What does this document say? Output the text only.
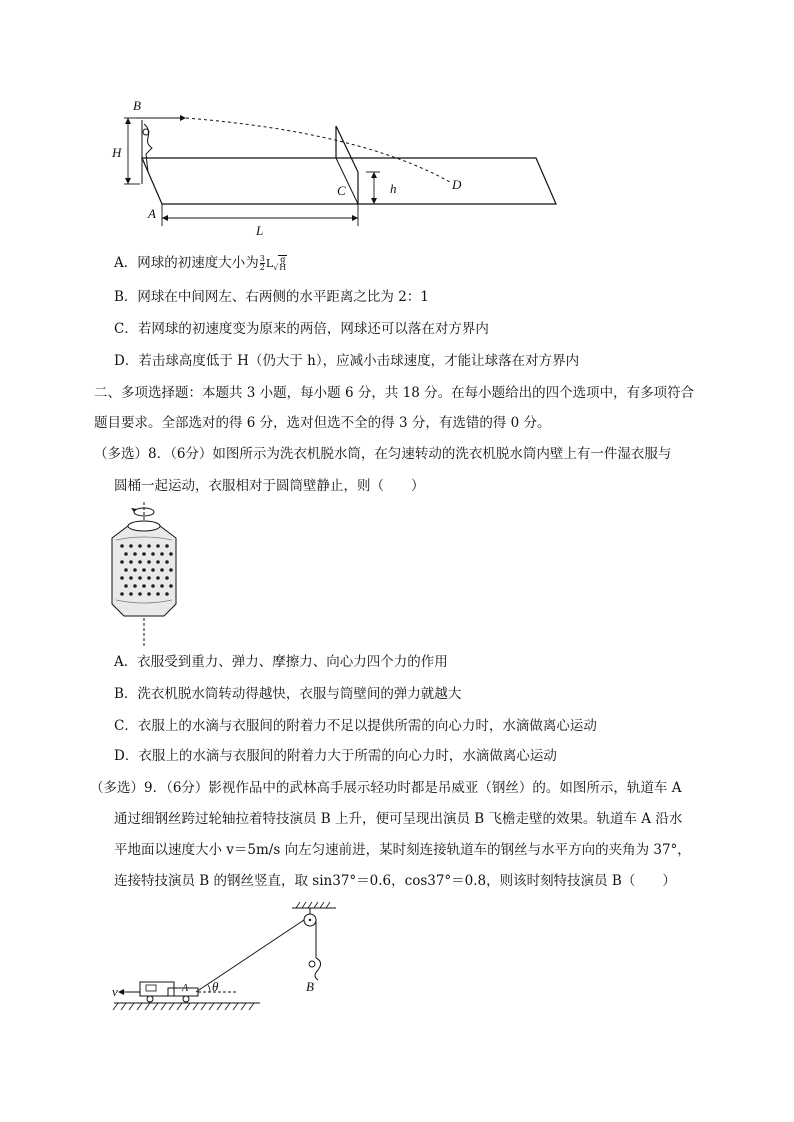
B
H
C	h	D
A
L
A．网球的初速度大小为 $\frac{3}{2} L√$
g
H
B．网球在中间网左、右两侧的水平距离之比为 2：1
C．若网球的初速度变为原来的两倍，网球还可以落在对方界内
D．若击球高度低于 H（仍大于 h），应减小击球速度，才能让球落在对方界内
二、多项选择题：本题共 3 小题，每小题 6 分，共 18 分。在每小题给出的四个选项中，有多项符合
题目要求。全部选对的得 6 分，选对但选不全的得 3 分，有选错的得 0 分。
（多选）8．（6分）如图所示为洗衣机脱水筒，在匀速转动的洗衣机脱水筒内壁上有一件湿衣服与
圆桶一起运动，衣服相对于圆筒壁静止，则（　　）
A．衣服受到重力、弹力、摩擦力、向心力四个力的作用
B．洗衣机脱水筒转动得越快，衣服与筒壁间的弹力就越大
C．衣服上的水滴与衣服间的附着力不足以提供所需的向心力时，水滴做离心运动
D．衣服上的水滴与衣服间的附着力大于所需的向心力时，水滴做离心运动
（多选）9．（6分）影视作品中的武林高手展示轻功时都是吊威亚（钢丝）的。如图所示，轨道车 A
通过细钢丝跨过轮轴拉着特技演员 B 上升，便可呈现出演员 B 飞檐走壁的效果。轨道车 A 沿水
平地面以速度大小 v＝5m/s 向左匀速前进，某时刻连接轨道车的钢丝与水平方向的夹角为 37°，
连接特技演员 B 的钢丝竖直，取 sin37°＝0.6，cos37°＝0.8，则该时刻特技演员 B（　　）
v	θ
A	B
